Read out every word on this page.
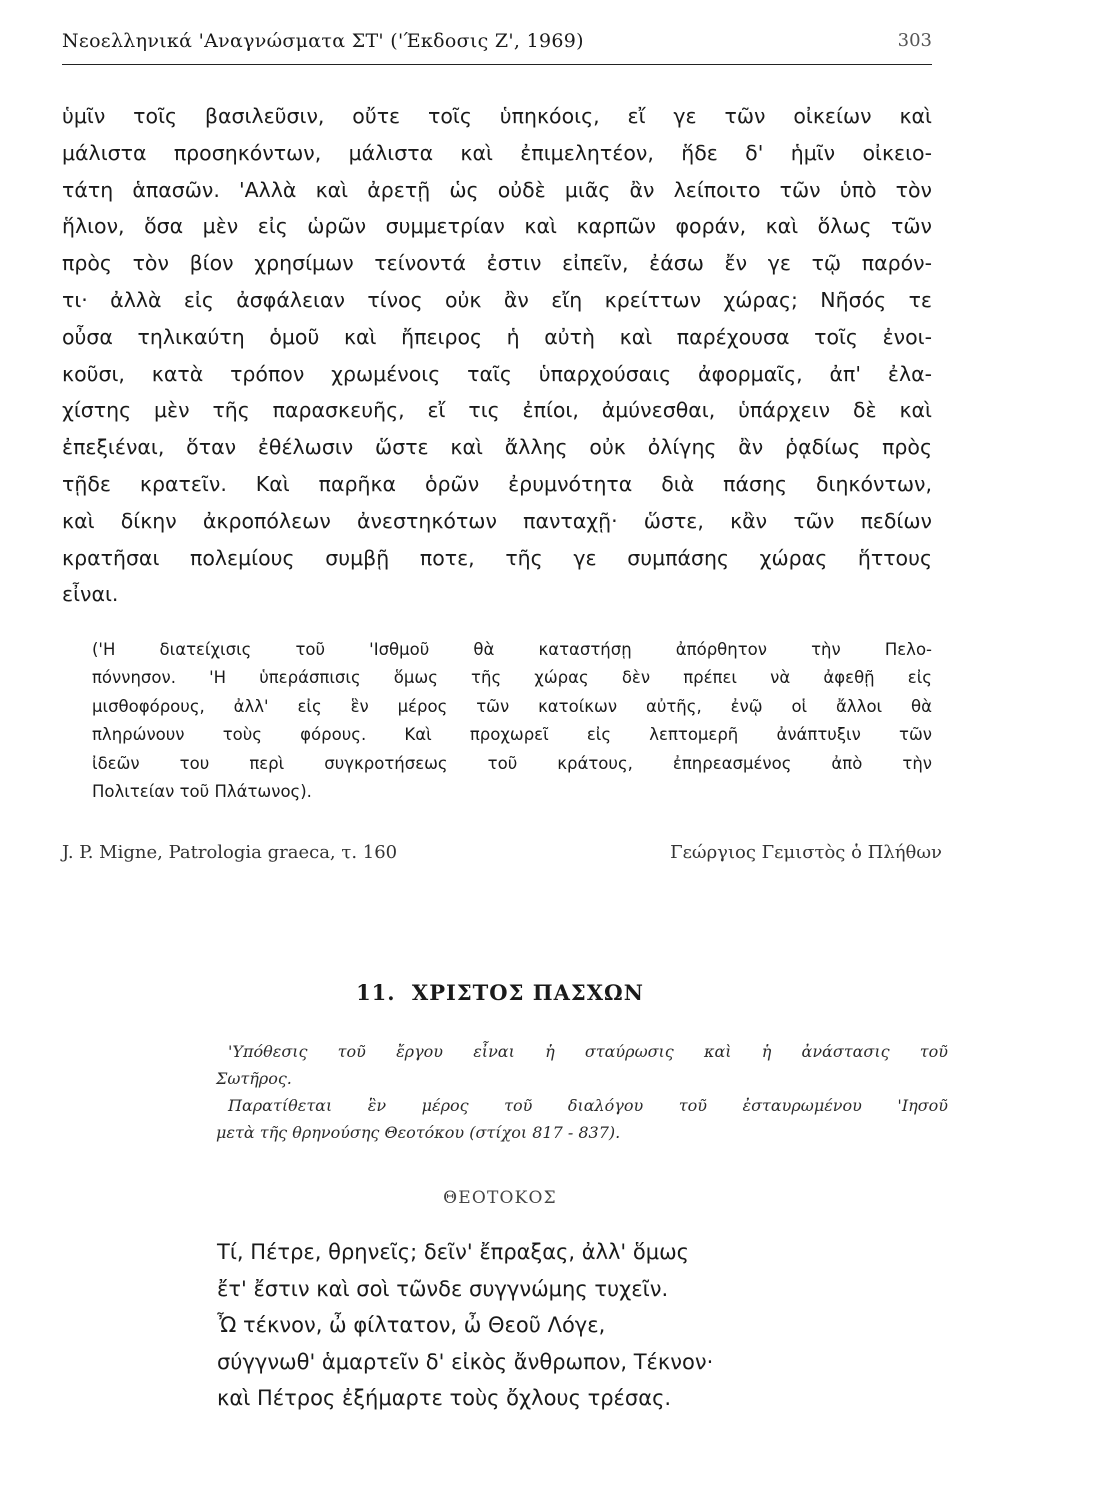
Νεοελληνικά 'Αναγνώσματα ΣΤ' ('Έκδοσις Ζ', 1969)	303

ὑμῖν τοῖς βασιλεῦσιν, οὔτε τοῖς ὑπηκόοις, εἴ γε τῶν οἰκείων καὶ
μάλιστα προσηκόντων, μάλιστα καὶ ἐπιμελητέον, ἥδε δ' ἡμῖν οἰκειο-
τάτη ἁπασῶν. 'Αλλὰ καὶ ἀρετῇ ὡς οὐδὲ μιᾶς ἂν λείποιτο τῶν ὑπὸ τὸν
ἥλιον, ὅσα μὲν εἰς ὡρῶν συμμετρίαν καὶ καρπῶν φοράν, καὶ ὅλως τῶν
πρὸς τὸν βίον χρησίμων τείνοντά ἐστιν εἰπεῖν, ἐάσω ἔν γε τῷ παρόν-
τι· ἀλλὰ εἰς ἀσφάλειαν τίνος οὐκ ἂν εἴη κρείττων χώρας; Νῆσός τε
οὖσα τηλικαύτη ὁμοῦ καὶ ἤπειρος ἡ αὐτὴ καὶ παρέχουσα τοῖς ἐνοι-
κοῦσι, κατὰ τρόπον χρωμένοις ταῖς ὑπαρχούσαις ἀφορμαῖς, ἀπ' ἐλα-
χίστης μὲν τῆς παρασκευῆς, εἴ τις ἐπίοι, ἀμύνεσθαι, ὑπάρχειν δὲ καὶ
ἐπεξιέναι, ὅταν ἐθέλωσιν ὥστε καὶ ἄλλης οὐκ ὀλίγης ἂν ῥᾳδίως πρὸς
τῇδε κρατεῖν. Καὶ παρῆκα ὁρῶν ἐρυμνότητα διὰ πάσης διηκόντων,
καὶ δίκην ἀκροπόλεων ἀνεστηκότων πανταχῇ· ὥστε, κἂν τῶν πεδίων
κρατῆσαι πολεμίους συμβῇ ποτε, τῆς γε συμπάσης χώρας ἥττους
εἶναι.

('Η διατείχισις τοῦ 'Ισθμοῦ θὰ καταστήσῃ ἀπόρθητον τὴν Πελο-
πόννησον. 'Η ὑπεράσπισις ὅμως τῆς χώρας δὲν πρέπει νὰ ἀφεθῇ εἰς
μισθοφόρους, ἀλλ' εἰς ἓν μέρος τῶν κατοίκων αὐτῆς, ἐνῷ οἱ ἄλλοι θὰ
πληρώνουν τοὺς φόρους. Καὶ προχωρεῖ εἰς λεπτομερῆ ἀνάπτυξιν τῶν
ἰδεῶν του περὶ συγκροτήσεως τοῦ κράτους, ἐπηρεασμένος ἀπὸ τὴν
Πολιτείαν τοῦ Πλάτωνος).

J. P. Migne, Patrologia graeca, τ. 160	Γεώργιος Γεμιστὸς ὁ Πλήθων
11. ΧΡΙΣΤΟΣ ΠΑΣΧΩΝ

'Υπόθεσις τοῦ ἔργου εἶναι ἡ σταύρωσις καὶ ἡ ἀνάστασις τοῦ
Σωτῆρος.
Παρατίθεται ἓν μέρος τοῦ διαλόγου τοῦ ἐσταυρωμένου 'Ιησοῦ
μετὰ τῆς θρηνούσης Θεοτόκου (στίχοι 817 - 837).

ΘΕΟΤΟΚΟΣ
Τί, Πέτρε, θρηνεῖς; δεῖν' ἔπραξας, ἀλλ' ὅμως
ἔτ' ἔστιν καὶ σοὶ τῶνδε συγγνώμης τυχεῖν.
Ὦ τέκνον, ὦ φίλτατον, ὦ Θεοῦ Λόγε,
σύγγνωθ' ἁμαρτεῖν δ' εἰκὸς ἄνθρωπον, Τέκνον·
καὶ Πέτρος ἐξήμαρτε τοὺς ὄχλους τρέσας.
